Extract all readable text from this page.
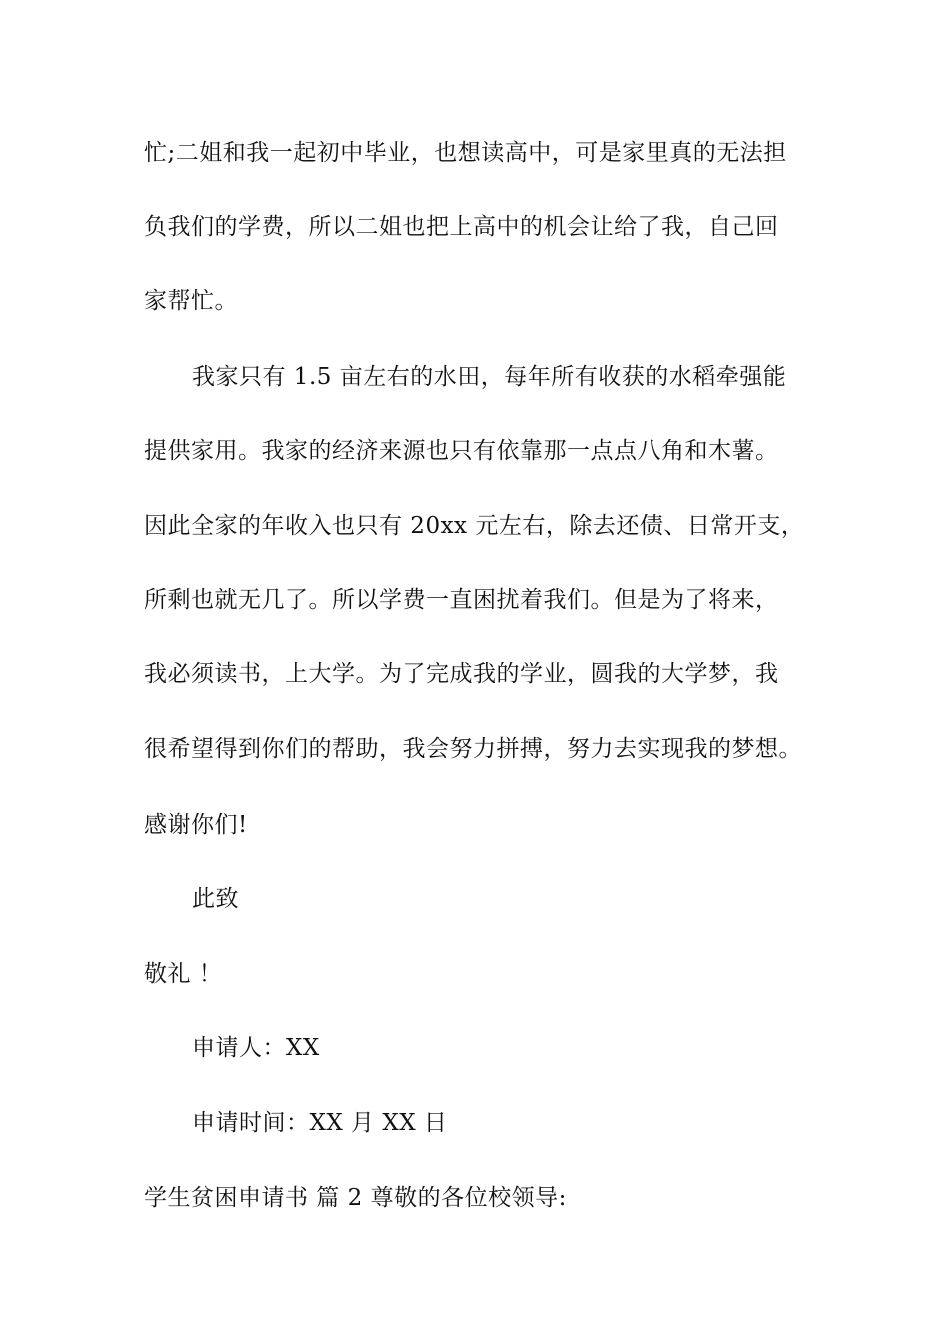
忙;二姐和我一起初中毕业，也想读高中，可是家里真的无法担
负我们的学费，所以二姐也把上高中的机会让给了我，自己回
家帮忙。
我家只有 1.5 亩左右的水田，每年所有收获的水稻牵强能
提供家用。我家的经济来源也只有依靠那一点点八角和木薯。
因此全家的年收入也只有 20xx 元左右，除去还债、日常开支，
所剩也就无几了。所以学费一直困扰着我们。但是为了将来，
我必须读书，上大学。为了完成我的学业，圆我的大学梦，我
很希望得到你们的帮助，我会努力拼搏，努力去实现我的梦想。
感谢你们!
此致
敬礼 ！
申请人：XX
申请时间：XX 月 XX 日
学生贫困申请书 篇 2 尊敬的各位校领导:
